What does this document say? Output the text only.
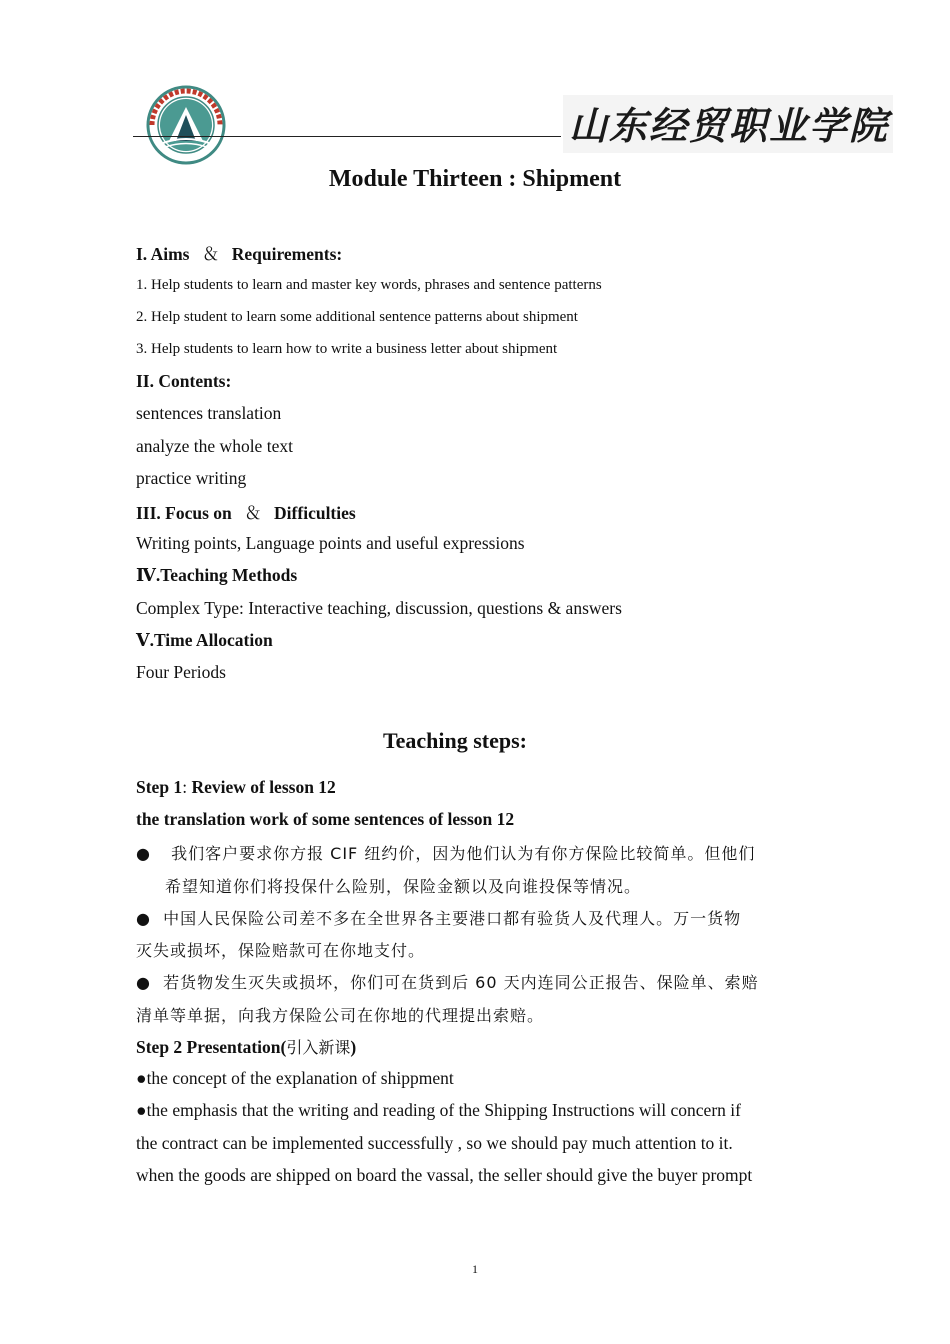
山东经贸职业学院
Module Thirteen : Shipment
I. Aims ＆ Requirements:
1. Help students to learn and master key words, phrases and sentence patterns
2. Help student to learn some additional sentence patterns about shipment
3. Help students to learn how to write a business letter about shipment
II. Contents:
sentences translation
analyze the whole text
practice writing
III. Focus on ＆ Difficulties
Writing points, Language points and useful expressions
Ⅳ.Teaching Methods
Complex Type: Interactive teaching, discussion, questions & answers
Ⅴ.Time Allocation
Four Periods
Teaching steps:
Step 1: Review of lesson 12
the translation work of some sentences of lesson 12
● 我们客户要求你方报 CIF 纽约价，因为他们认为有你方保险比较简单。但他们
希望知道你们将投保什么险别，保险金额以及向谁投保等情况。
● 中国人民保险公司差不多在全世界各主要港口都有验货人及代理人。万一货物
灭失或损坏，保险赔款可在你地支付。
● 若货物发生灭失或损坏，你们可在货到后 60 天内连同公正报告、保险单、索赔
清单等单据，向我方保险公司在你地的代理提出索赔。
Step 2 Presentation(引入新课)
●the concept of the explanation of shippment
●the emphasis that the writing and reading of the Shipping Instructions will concern if
the contract can be implemented successfully , so we should pay much attention to it.
when the goods are shipped on board the vassal, the seller should give the buyer prompt
1
